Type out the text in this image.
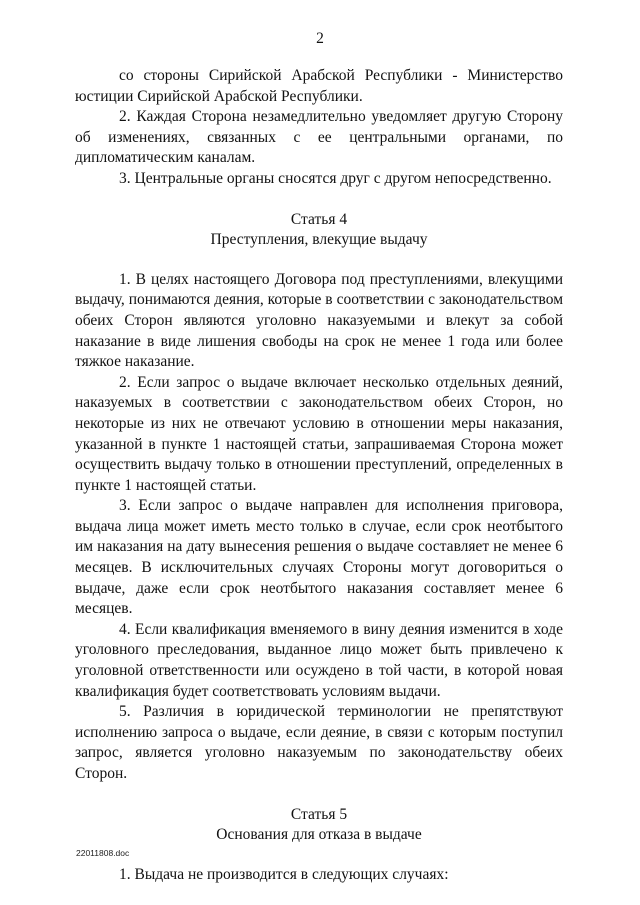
2

со стороны Сирийской Арабской Республики - Министерство юстиции Сирийской Арабской Республики.

2. Каждая Сторона незамедлительно уведомляет другую Сторону об изменениях, связанных с ее центральными органами, по дипломатическим каналам.

3. Центральные органы сносятся друг с другом непосредственно.

Статья 4
Преступления, влекущие выдачу

1. В целях настоящего Договора под преступлениями, влекущими выдачу, понимаются деяния, которые в соответствии с законодательством обеих Сторон являются уголовно наказуемыми и влекут за собой наказание в виде лишения свободы на срок не менее 1 года или более тяжкое наказание.

2. Если запрос о выдаче включает несколько отдельных деяний, наказуемых в соответствии с законодательством обеих Сторон, но некоторые из них не отвечают условию в отношении меры наказания, указанной в пункте 1 настоящей статьи, запрашиваемая Сторона может осуществить выдачу только в отношении преступлений, определенных в пункте 1 настоящей статьи.

3. Если запрос о выдаче направлен для исполнения приговора, выдача лица может иметь место только в случае, если срок неотбытого им наказания на дату вынесения решения о выдаче составляет не менее 6 месяцев. В исключительных случаях Стороны могут договориться о выдаче, даже если срок неотбытого наказания составляет менее 6 месяцев.

4. Если квалификация вменяемого в вину деяния изменится в ходе уголовного преследования, выданное лицо может быть привлечено к уголовной ответственности или осуждено в той части, в которой новая квалификация будет соответствовать условиям выдачи.

5. Различия в юридической терминологии не препятствуют исполнению запроса о выдаче, если деяние, в связи с которым поступил запрос, является уголовно наказуемым по законодательству обеих Сторон.

Статья 5
Основания для отказа в выдаче

1. Выдача не производится в следующих случаях:

22011808.doc
